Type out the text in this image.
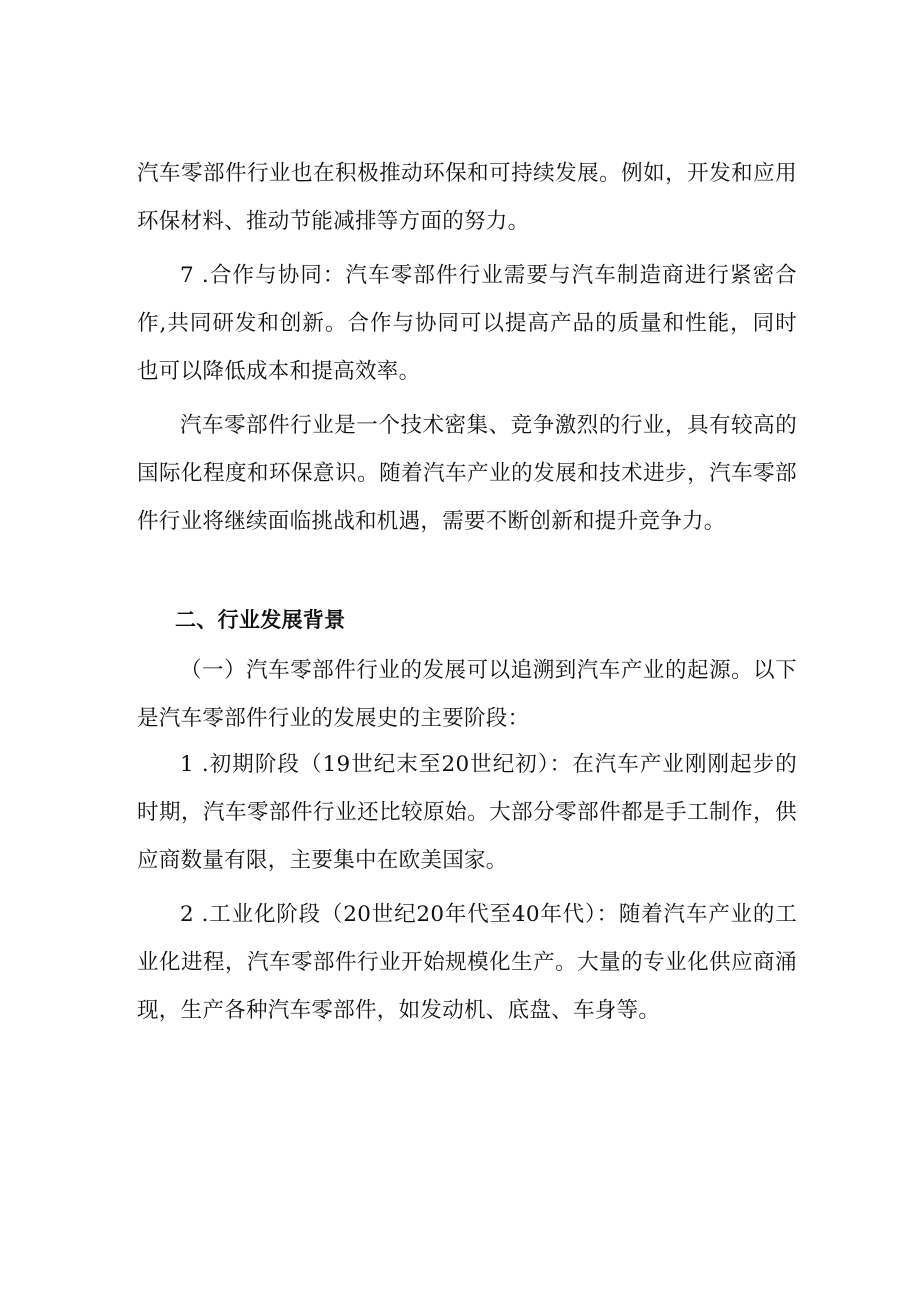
汽车零部件行业也在积极推动环保和可持续发展。例如，开发和应用环保材料、推动节能减排等方面的努力。

7 .合作与协同：汽车零部件行业需要与汽车制造商进行紧密合作,共同研发和创新。合作与协同可以提高产品的质量和性能，同时也可以降低成本和提高效率。

汽车零部件行业是一个技术密集、竞争激烈的行业，具有较高的国际化程度和环保意识。随着汽车产业的发展和技术进步，汽车零部件行业将继续面临挑战和机遇，需要不断创新和提升竞争力。

二、行业发展背景

（一）汽车零部件行业的发展可以追溯到汽车产业的起源。以下是汽车零部件行业的发展史的主要阶段：

1 .初期阶段（19世纪末至20世纪初）：在汽车产业刚刚起步的时期，汽车零部件行业还比较原始。大部分零部件都是手工制作，供应商数量有限，主要集中在欧美国家。

2 .工业化阶段（20世纪20年代至40年代）：随着汽车产业的工业化进程，汽车零部件行业开始规模化生产。大量的专业化供应商涌现，生产各种汽车零部件，如发动机、底盘、车身等。
